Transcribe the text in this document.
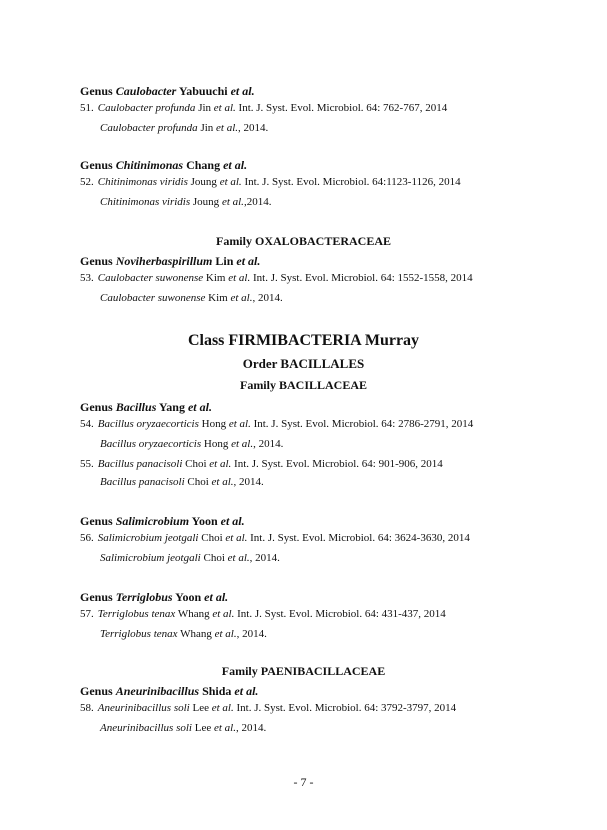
Genus Caulobacter Yabuuchi et al.
51. Caulobacter profunda Jin et al. Int. J. Syst. Evol. Microbiol. 64: 762-767, 2014
Caulobacter profunda Jin et al., 2014.
Genus Chitinimonas Chang et al.
52. Chitinimonas viridis Joung et al. Int. J. Syst. Evol. Microbiol. 64:1123-1126, 2014
Chitinimonas viridis Joung et al.,2014.
Family OXALOBACTERACEAE
Genus Noviherbaspirillum Lin et al.
53. Caulobacter suwonense Kim et al. Int. J. Syst. Evol. Microbiol. 64: 1552-1558, 2014
Caulobacter suwonense Kim et al., 2014.
Class FIRMIBACTERIA Murray
Order BACILLALES
Family BACILLACEAE
Genus Bacillus Yang et al.
54. Bacillus oryzaecorticis Hong et al. Int. J. Syst. Evol. Microbiol. 64: 2786-2791, 2014
Bacillus oryzaecorticis Hong et al., 2014.
55. Bacillus panacisoli Choi et al. Int. J. Syst. Evol. Microbiol. 64: 901-906, 2014
Bacillus panacisoli Choi et al., 2014.
Genus Salimicrobium Yoon et al.
56. Salimicrobium jeotgali Choi et al. Int. J. Syst. Evol. Microbiol. 64: 3624-3630, 2014
Salimicrobium jeotgali Choi et al., 2014.
Genus Terriglobus Yoon et al.
57. Terriglobus tenax Whang et al. Int. J. Syst. Evol. Microbiol. 64: 431-437, 2014
Terriglobus tenax Whang et al., 2014.
Family PAENIBACILLACEAE
Genus Aneurinibacillus Shida et al.
58. Aneurinibacillus soli Lee et al. Int. J. Syst. Evol. Microbiol. 64: 3792-3797, 2014
Aneurinibacillus soli Lee et al., 2014.
- 7 -
